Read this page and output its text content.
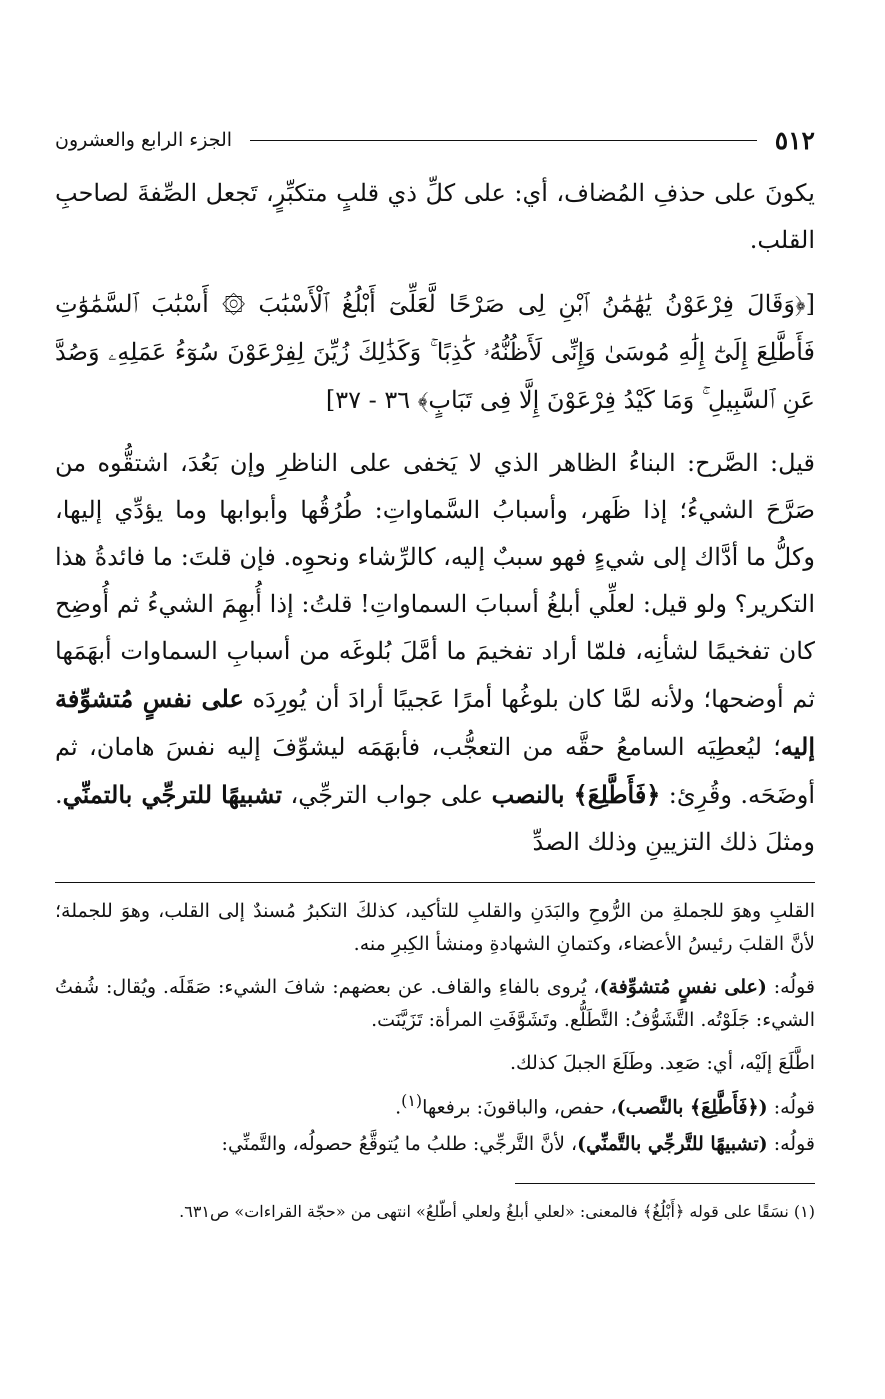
٥١٢
الجزء الرابع والعشرون

يكونَ على حذفِ المُضاف، أي: على كلِّ ذي قلبٍ متكبِّرٍ، تَجعل الصِّفةَ لصاحبِ القلب.

[﴿وَقَالَ فِرْعَوْنُ يَٰهَٰمَٰنُ ٱبْنِ لِى صَرْحًا لَّعَلِّىٓ أَبْلُغُ ٱلْأَسْبَٰبَ ۞ أَسْبَٰبَ ٱلسَّمَٰوَٰتِ فَأَطَّلِعَ إِلَىٰٓ إِلَٰهِ مُوسَىٰ وَإِنِّى لَأَظُنُّهُۥ كَٰذِبًا ۚ وَكَذَٰلِكَ زُيِّنَ لِفِرْعَوْنَ سُوٓءُ عَمَلِهِۦ وَصُدَّ عَنِ ٱلسَّبِيلِ ۚ وَمَا كَيْدُ فِرْعَوْنَ إِلَّا فِى تَبَابٍ﴾ ٣٦ - ٣٧]

قيل: الصَّرح: البناءُ الظاهر الذي لا يَخفى على الناظرِ وإن بَعُدَ، اشتقُّوه من صَرَّحَ الشيءُ؛ إذا ظَهر، وأسبابُ السَّماواتِ: طُرُقُها وأبوابها وما يؤدِّي إليها، وكلُّ ما أدَّاك إلى شيءٍ فهو سببٌ إليه، كالرِّشاء ونحوِه. فإن قلتَ: ما فائدةُ هذا التكرير؟ ولو قيل: لعلِّي أبلغُ أسبابَ السماواتِ! قلتُ: إذا أُبهِمَ الشيءُ ثم أُوضِح كان تفخيمًا لشأنِه، فلمّا أراد تفخيمَ ما أمَّلَ بُلوغَه من أسبابِ السماوات أبهَمَها ثم أوضحها؛ ولأنه لمَّا كان بلوغُها أمرًا عَجيبًا أرادَ أن يُورِدَه على نفسٍ مُتشوِّفة إليه؛ ليُعطِيَه السامعُ حقَّه من التعجُّب، فأبهَمَه ليشوِّفَ إليه نفسَ هامان، ثم أوضَحَه. وقُرِئ: ﴿فَأَطَّلِعَ﴾ بالنصب على جواب الترجِّي، تشبيهًا للترجِّي بالتمنِّي. ومثلَ ذلك التزيينِ وذلك الصدِّ

القلبِ وهوَ للجملةِ من الرُّوحِ والبَدَنِ والقلبِ للتأكيد، كذلكَ التكبرُ مُسندٌ إلى القلب، وهوَ للجملة؛ لأنَّ القلبَ رئيسُ الأعضاء، وكتمانِ الشهادةِ ومنشأ الكِبرِ منه.

قولُه: (على نفسٍ مُتشوِّفة)، يُروى بالفاءِ والقاف. عن بعضهم: شافَ الشيء: صَقَلَه. ويُقال: شُفتُ الشيء: جَلَوْتُه. التَّشَوُّفُ: التَّطَلُّع. وتَشَوَّفَتِ المرأة: تَزَيَّنَت.

اطَّلَعَ إلَيْه، أي: صَعِد. وطَلَعَ الجبلَ كذلك.

قولُه: (﴿فَأَطَّلِعَ﴾ بالنَّصب)، حفص، والباقونَ: برفعها$^{(١)}$.

قولُه: (تشبيهًا للتَّرجِّي بالتَّمنِّي)، لأنَّ التَّرجِّي: طلبُ ما يُتوقَّعُ حصولُه، والتَّمنِّي:

(١) نسَقًا على قوله ﴿أَبْلُغُ﴾ فالمعنى: «لعلي أبلغُ ولعلي أطّلعُ» انتهى من «حجّة القراءات» ص٦٣١.
